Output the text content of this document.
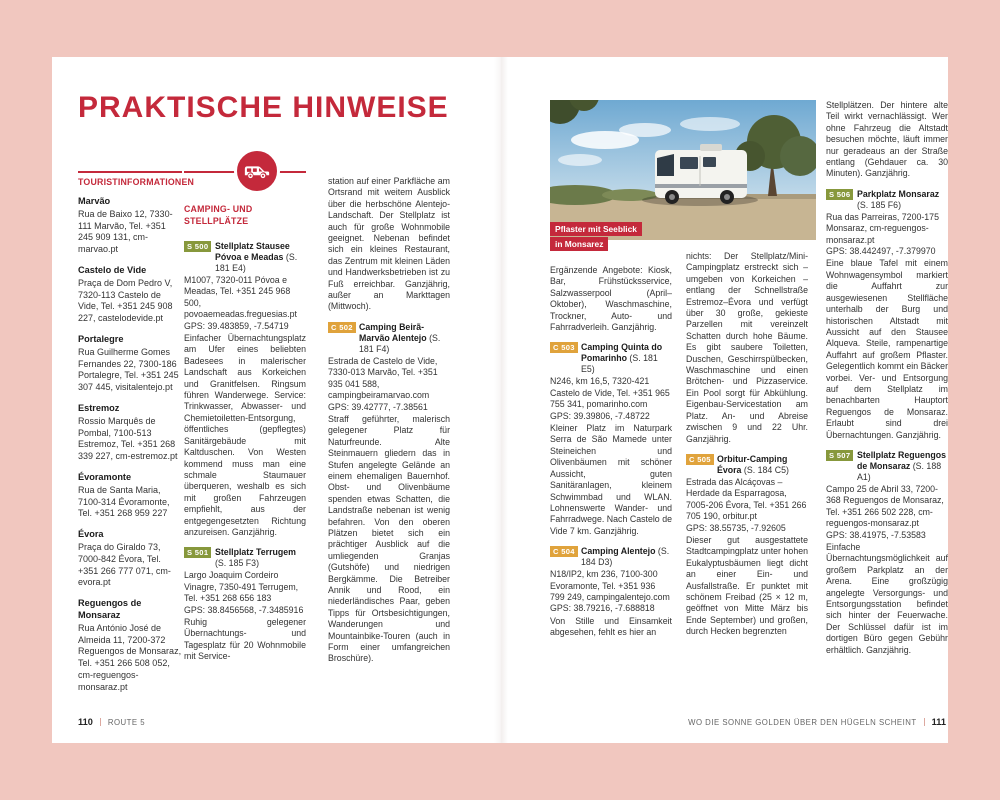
PRAKTISCHE HINWEISE
TOURISTINFORMATIONEN
Marvão
Rua de Baixo 12, 7330-111 Marvão, Tel. +351 245 909 131, cm-marvao.pt
Castelo de Vide
Praça de Dom Pedro V, 7320-113 Castelo de Vide, Tel. +351 245 908 227, castelodevide.pt
Portalegre
Rua Guilherme Gomes Fernandes 22, 7300-186 Portalegre, Tel. +351 245 307 445, visitalentejo.pt
Estremoz
Rossio Marquês de Pombal, 7100-513 Estremoz, Tel. +351 268 339 227, cm-estremoz.pt
Évoramonte
Rua de Santa Maria, 7100-314 Évoramonte, Tel. +351 268 959 227
Évora
Praça do Giraldo 73, 7000-842 Évora, Tel. +351 266 777 071, cm-evora.pt
Reguengos de Monsaraz
Rua António José de Almeida 11, 7200-372 Reguengos de Monsaraz, Tel. +351 266 508 052, cm-reguengos-monsaraz.pt
CAMPING- UND STELLPLÄTZE
S 500 Stellplatz Stausee Póvoa e Meadas (S. 181 E4)
M1007, 7320-011 Póvoa e Meadas, Tel. +351 245 968 500, povoaemeadas.freguesias.pt
GPS: 39.483859, -7.54719
Einfacher Übernachtungsplatz am Ufer eines beliebten Badesees in malerischer Landschaft aus Korkeichen und Granitfelsen. Ringsum führen Wanderwege. Service: Trinkwasser, Abwasser- und Chemietoiletten-Entsorgung, öffentliches (gepflegtes) Sanitärgebäude mit Kaltduschen. Von Westen kommend muss man eine schmale Staumauer überqueren, weshalb es sich mit großen Fahrzeugen empfiehlt, aus der entgegengesetzten Richtung anzureisen. Ganzjährig.
S 501 Stellplatz Terrugem (S. 185 F3)
Largo Joaquim Cordeiro Vinagre, 7350-491 Terrugem, Tel. +351 268 656 183
GPS: 38.8456568, -7.3485916
Ruhig gelegener Übernachtungs- und Tagesplatz für 20 Wohnmobile mit Service-
station auf einer Parkfläche am Ortsrand mit weitem Ausblick über die herbschöne Alentejo-Landschaft. Der Stellplatz ist auch für große Wohnmobile geeignet. Nebenan befindet sich ein kleines Restaurant, das Zentrum mit kleinen Läden und Handwerksbetrieben ist zu Fuß erreichbar. Ganzjährig, außer an Markttagen (Mittwoch).
C 502 Camping Beirã-Marvão Alentejo (S. 181 F4)
Estrada de Castelo de Vide, 7330-013 Marvão, Tel. +351 935 041 588, campingbeiramarvao.com
GPS: 39.42777, -7.38561
Straff geführter, malerisch gelegener Platz für Naturfreunde. Alte Steinmauern gliedern das in Stufen angelegte Gelände an einem ehemaligen Bauernhof. Obst- und Olivenbäume spenden etwas Schatten, die Landstraße nebenan ist wenig befahren. Von den oberen Plätzen bietet sich ein prächtiger Ausblick auf die umliegenden Granjas (Gutshöfe) und niedrigen Bergkämme. Die Betreiber Annik und Rood, ein niederländisches Paar, geben Tipps für Ortsbesichtigungen, Wanderungen und Mountainbike-Touren (auch in Form einer umfangreichen Broschüre).
Pflaster mit Seeblick
in Monsarez
Ergänzende Angebote: Kiosk, Bar, Frühstücksservice, Salzwasserpool (April–Oktober), Waschmaschine, Trockner, Auto- und Fahrradverleih. Ganzjährig.
C 503 Camping Quinta do Pomarinho (S. 181 E5)
N246, km 16,5, 7320-421 Castelo de Vide, Tel. +351 965 755 341, pomarinho.com
GPS: 39.39806, -7.48722
Kleiner Platz im Naturpark Serra de São Mamede unter Steineichen und Olivenbäumen mit schöner Aussicht, guten Sanitäranlagen, kleinem Schwimmbad und WLAN. Lohnenswerte Wander- und Fahrradwege. Nach Castelo de Vide 7 km. Ganzjährig.
C 504 Camping Alentejo (S. 184 D3)
N18/IP2, km 236, 7100-300 Evoramonte, Tel. +351 936 799 249, campingalentejo.com
GPS: 38.79216, -7.688818
Von Stille und Einsamkeit abgesehen, fehlt es hier an
nichts: Der Stellplatz/Mini-Campingplatz erstreckt sich – umgeben von Korkeichen – entlang der Schnellstraße Estremoz–Évora und verfügt über 30 große, gekieste Parzellen mit vereinzelt Schatten durch hohe Bäume. Es gibt saubere Toiletten, Duschen, Geschirrspülbecken, Waschmaschine und einen Brötchen- und Pizzaservice. Ein Pool sorgt für Abkühlung. Eigenbau-Servicestation am Platz. An- und Abreise zwischen 9 und 22 Uhr. Ganzjährig.
C 505 Orbitur-Camping Évora (S. 184 C5)
Estrada das Alcáçovas – Herdade da Esparragosa, 7005-206 Évora, Tel. +351 266 705 190, orbitur.pt
GPS: 38.55735, -7.92605
Dieser gut ausgestattete Stadtcampingplatz unter hohen Eukalyptusbäumen liegt dicht an einer Ein- und Ausfallstraße. Er punktet mit schönem Freibad (25 × 12 m, geöffnet von Mitte März bis Ende September) und großen, durch Hecken begrenzten
Stellplätzen. Der hintere alte Teil wirkt vernachlässigt. Wer ohne Fahrzeug die Altstadt besuchen möchte, läuft immer nur geradeaus an der Straße entlang (Gehdauer ca. 30 Minuten). Ganzjährig.
S 506 Parkplatz Monsaraz (S. 185 F6)
Rua das Parreiras, 7200-175 Monsaraz, cm-reguengos-monsaraz.pt
GPS: 38.442497, -7.379970
Eine blaue Tafel mit einem Wohnwagensymbol markiert die Auffahrt zur ausgewiesenen Stellfläche unterhalb der Burg und historischen Altstadt mit Aussicht auf den Stausee Alqueva. Steile, rampenartige Auffahrt auf großem Pflaster. Gelegentlich kommt ein Bäcker vorbei. Ver- und Entsorgung auf dem Stellplatz im benachbarten Hauptort Reguengos de Monsaraz. Erlaubt sind drei Übernachtungen. Ganzjährig.
S 507 Stellplatz Reguengos de Monsaraz (S. 188 A1)
Campo 25 de Abril 33, 7200-368 Reguengos de Monsaraz, Tel. +351 266 502 228, cm-reguengos-monsaraz.pt
GPS: 38.41975, -7.53583
Einfache Übernachtungsmöglichkeit auf großem Parkplatz an der Arena. Eine großzügig angelegte Versorgungs- und Entsorgungsstation befindet sich hinter der Feuerwache. Der Schlüssel dafür ist im dortigen Büro gegen Gebühr erhältlich. Ganzjährig.
110 ROUTE 5	WO DIE SONNE GOLDEN ÜBER DEN HÜGELN SCHEINT 111
